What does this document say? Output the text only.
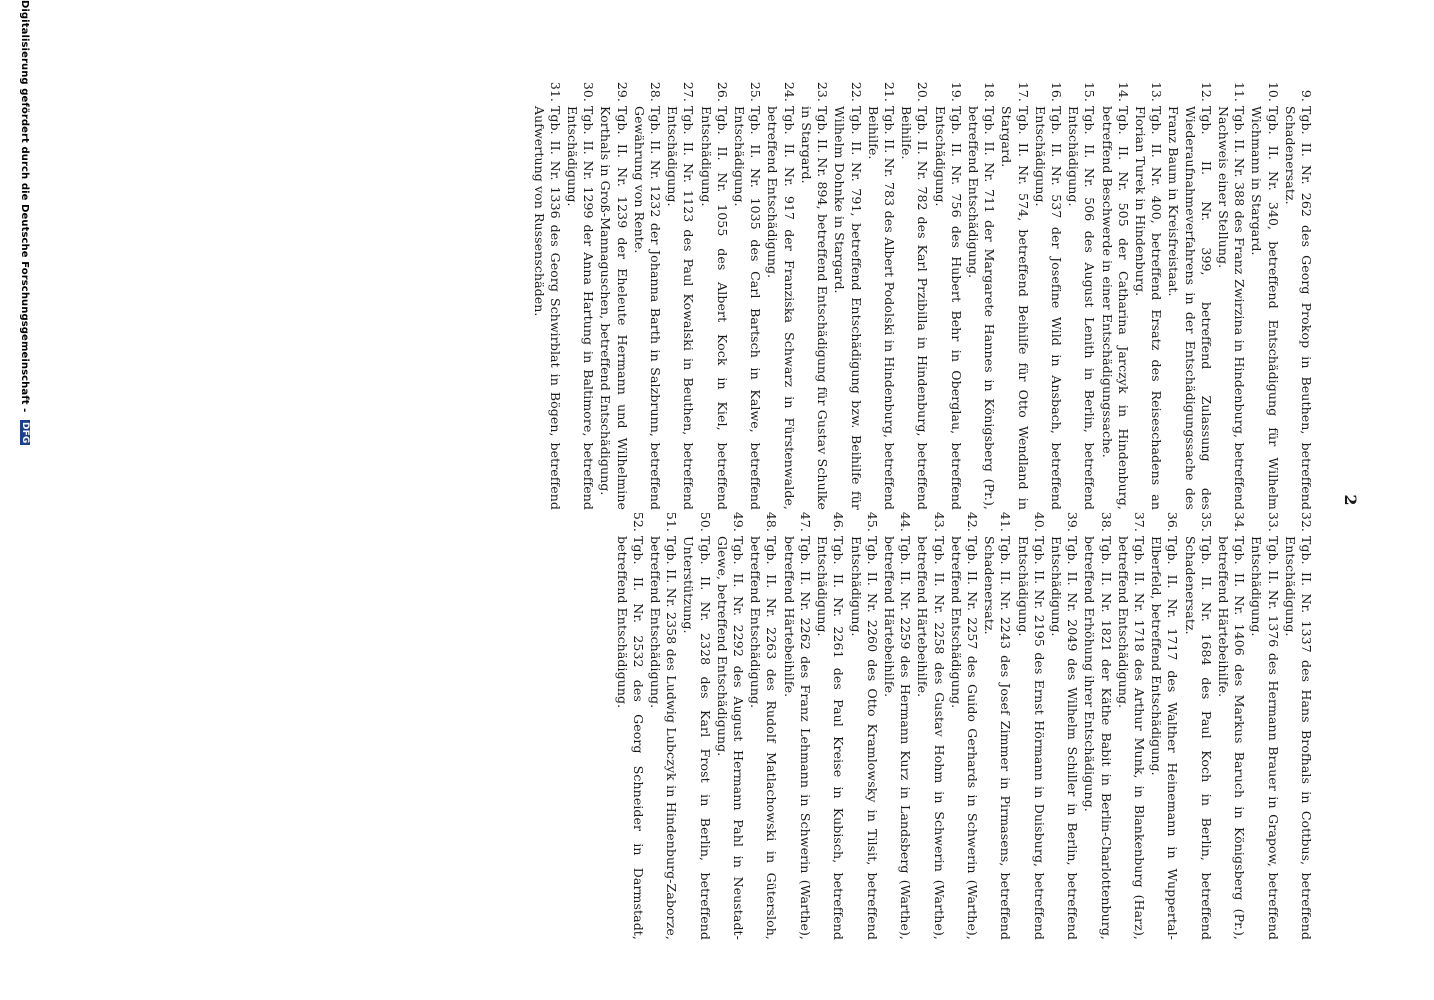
2
9.
Tgb. II. Nr. 262 des Georg Prokop in Beuthen, betreffend Schadenersatz.
10.
Tgb. II. Nr. 340, betreffend Entschädigung für Wilhelm Wichmann in Stargard.
11.
Tgb. II. Nr. 388 des Franz Zwirzina in Hindenburg, betreffend Nachweis einer Stellung.
12.
Tgb. II. Nr. 399, betreffend Zulassung des Wiederaufnahmeverfahrens in der Entschädigungssache des Franz Baum in Kreisfreistaat.
13.
Tgb. II. Nr. 400, betreffend Ersatz des Reiseschadens an Florian Turek in Hindenburg.
14.
Tgb. II. Nr. 505 der Catharina Jarczyk in Hindenburg, betreffend Beschwerde in einer Entschädigungssache.
15.
Tgb. II. Nr. 506 des August Lenith in Berlin, betreffend Entschädigung.
16.
Tgb. II. Nr. 537 der Josefine Wild in Ansbach, betreffend Entschädigung.
17.
Tgb. II. Nr. 574, betreffend Beihilfe für Otto Wendland in Stargard.
18.
Tgb. II. Nr. 711 der Margarete Hannes in Königsberg (Pr.), betreffend Entschädigung.
19.
Tgb. II. Nr. 756 des Hubert Behr in Oberglau, betreffend Entschädigung.
20.
Tgb. II. Nr. 782 des Karl Przibilla in Hindenburg, betreffend Beihilfe.
21.
Tgb. II. Nr. 783 des Albert Podolski in Hindenburg, betreffend Beihilfe.
22.
Tgb. II. Nr. 791, betreffend Entschädigung bzw. Beihilfe für Wilhelm Dohnke in Stargard.
23.
Tgb. II. Nr. 894, betreffend Entschädigung für Gustav Schulke in Stargard.
24.
Tgb. II. Nr. 917 der Franziska Schwarz in Fürstenwalde, betreffend Entschädigung.
25.
Tgb. II. Nr. 1035 des Carl Bartsch in Kalwe, betreffend Entschädigung.
26.
Tgb. II. Nr. 1055 des Albert Kock in Kiel, betreffend Entschädigung.
27.
Tgb. II. Nr. 1123 des Paul Kowalski in Beuthen, betreffend Entschädigung.
28.
Tgb. II. Nr. 1232 der Johanna Barth in Salzbrunn, betreffend Gewährung von Rente.
29.
Tgb. II. Nr. 1239 der Eheleute Hermann und Wilhelmine Korthals in Groß-Mannaguschen, betreffend Entschädigung.
30.
Tgb. II. Nr. 1299 der Anna Hartung in Baltimore, betreffend Entschädigung.
31.
Tgb. II. Nr. 1336 des Georg Schwirblat in Bögen, betreffend Aufwertung von Russenschäden.
32.
Tgb. II. Nr. 1337 des Hans Brofhals in Cottbus, betreffend Entschädigung.
33.
Tgb. II. Nr. 1376 des Hermann Brauer in Grapow, betreffend Entschädigung.
34.
Tgb. II. Nr. 1406 des Markus Baruch in Königsberg (Pr.), betreffend Härtebeihilfe.
35.
Tgb. II. Nr. 1684 des Paul Koch in Berlin, betreffend Schadenersatz.
36.
Tgb. II. Nr. 1717 des Walther Heinemann in Wuppertal-Elberfeld, betreffend Entschädigung.
37.
Tgb. II. Nr. 1718 des Arthur Munk, in Blankenburg (Harz), betreffend Entschädigung.
38.
Tgb. II. Nr. 1821 der Käthe Babit in Berlin-Charlottenburg, betreffend Erhöhung ihrer Entschädigung.
39.
Tgb. II. Nr. 2049 des Wilhelm Schiller in Berlin, betreffend Entschädigung.
40.
Tgb. II. Nr. 2195 des Ernst Hörmann in Duisburg, betreffend Entschädigung.
41.
Tgb. II. Nr. 2243 des Josef Zimmer in Pirmasens, betreffend Schadenersatz.
42.
Tgb. II. Nr. 2257 des Guido Gerhards in Schwerin (Warthe), betreffend Entschädigung.
43.
Tgb. II. Nr. 2258 des Gustav Hohm in Schwerin (Warthe), betreffend Härtebeihilfe.
44.
Tgb. II. Nr. 2259 des Hermann Kurz in Landsberg (Warthe), betreffend Härtebeihilfe.
45.
Tgb. II. Nr. 2260 des Otto Kramlowsky in Tilsit, betreffend Entschädigung.
46.
Tgb. II. Nr. 2261 des Paul Kreise in Kubisch, betreffend Entschädigung.
47.
Tgb. II. Nr. 2262 des Franz Lehmann in Schwerin (Warthe), betreffend Härtebeihilfe.
48.
Tgb. II. Nr. 2263 des Rudolf Matlachowski in Gütersloh, betreffend Entschädigung.
49.
Tgb. II. Nr. 2292 des August Hermann Pahl in Neustadt-Glewe, betreffend Entschädigung.
50.
Tgb. II. Nr. 2328 des Karl Frost in Berlin, betreffend Unterstützung.
51.
Tgb. II. Nr. 2358 des Ludwig Lubczyk in Hindenburg-Zaborze, betreffend Entschädigung.
52.
Tgb. II. Nr. 2532 des Georg Schneider in Darmstadt, betreffend Entschädigung.
Digitalisierung gefördert durch die Deutsche Forschungsgemeinschaft - DFG
